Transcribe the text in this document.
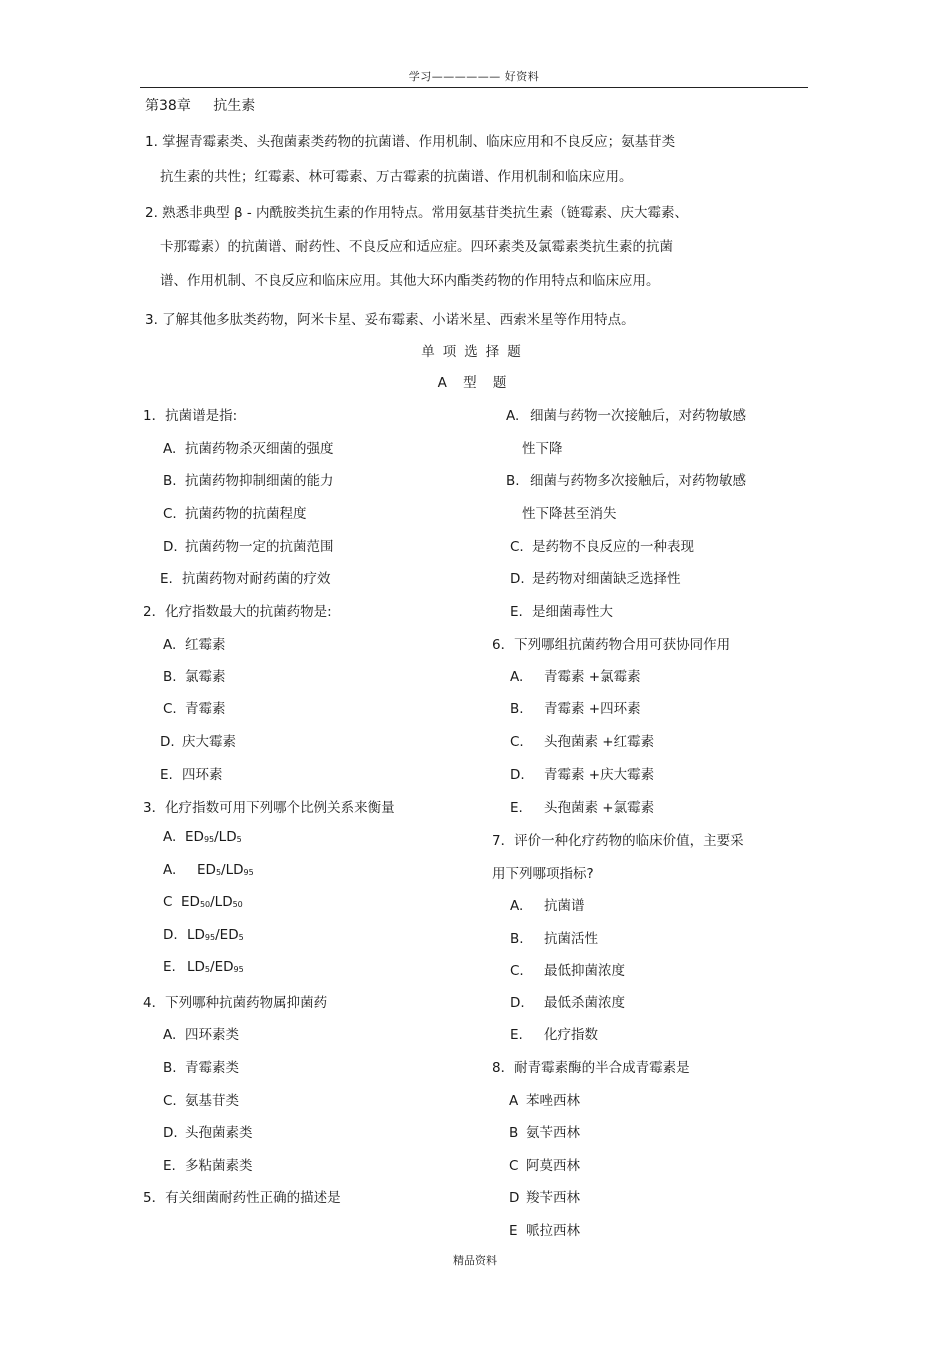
学习—————— 好资料
第38章 抗生素
1. 掌握青霉素类、头孢菌素类药物的抗菌谱、作用机制、临床应用和不良反应；氨基苷类
抗生素的共性；红霉素、林可霉素、万古霉素的抗菌谱、作用机制和临床应用。
2. 熟悉非典型 β - 内酰胺类抗生素的作用特点。常用氨基苷类抗生素（链霉素、庆大霉素、
卡那霉素）的抗菌谱、耐药性、不良反应和适应症。四环素类及氯霉素类抗生素的抗菌
谱、作用机制、不良反应和临床应用。其他大环内酯类药物的作用特点和临床应用。
3. 了解其他多肽类药物，阿米卡星、妥布霉素、小诺米星、西索米星等作用特点。
单项选择题
A 型 题
1．抗菌谱是指:
A. 抗菌药物杀灭细菌的强度
B. 抗菌药物抑制细菌的能力
C. 抗菌药物的抗菌程度
D. 抗菌药物一定的抗菌范围
E. 抗菌药物对耐药菌的疗效
2．化疗指数最大的抗菌药物是:
A. 红霉素
B. 氯霉素
C. 青霉素
D. 庆大霉素
E. 四环素
3．化疗指数可用下列哪个比例关系来衡量
A. ED95/LD5
A. ED5/LD95
C ED50/LD50
D. LD95/ED5
E. LD5/ED95
4．下列哪种抗菌药物属抑菌药
A. 四环素类
B. 青霉素类
C. 氨基苷类
D. 头孢菌素类
E. 多粘菌素类
5．有关细菌耐药性正确的描述是
A. 细菌与药物一次接触后，对药物敏感
性下降
B. 细菌与药物多次接触后，对药物敏感
性下降甚至消失
C. 是药物不良反应的一种表现
D. 是药物对细菌缺乏选择性
E. 是细菌毒性大
6．下列哪组抗菌药物合用可获协同作用
A. 青霉素 +氯霉素
B. 青霉素 +四环素
C. 头孢菌素 +红霉素
D. 青霉素 +庆大霉素
E. 头孢菌素 +氯霉素
7．评价一种化疗药物的临床价值，主要采
用下列哪项指标?
A. 抗菌谱
B. 抗菌活性
C. 最低抑菌浓度
D. 最低杀菌浓度
E. 化疗指数
8．耐青霉素酶的半合成青霉素是
A 苯唑西林
B 氨苄西林
C 阿莫西林
D 羧苄西林
E 哌拉西林
精品资料
